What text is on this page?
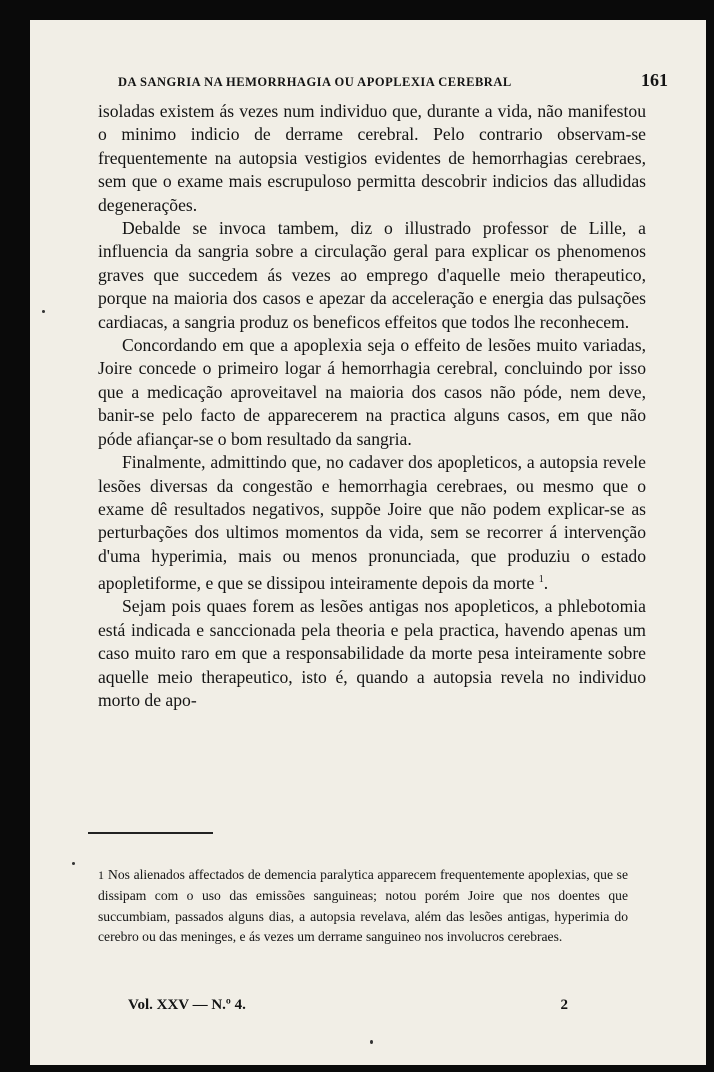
DA SANGRIA NA HEMORRHAGIA OU APOPLEXIA CEREBRAL	161

isoladas existem ás vezes num individuo que, durante a vida, não manifestou o minimo indicio de derrame cerebral. Pelo contrario observam-se frequentemente na autopsia vestigios evidentes de hemorrhagias cerebraes, sem que o exame mais escrupuloso permitta descobrir indicios das alludidas degenerações.

Debalde se invoca tambem, diz o illustrado professor de Lille, a influencia da sangria sobre a circulação geral para explicar os phenomenos graves que succedem ás vezes ao emprego d'aquelle meio therapeutico, porque na maioria dos casos e apezar da acceleração e energia das pulsações cardiacas, a sangria produz os beneficos effeitos que todos lhe reconhecem.

Concordando em que a apoplexia seja o effeito de lesões muito variadas, Joire concede o primeiro logar á hemorrhagia cerebral, concluindo por isso que a medicação aproveitavel na maioria dos casos não póde, nem deve, banir-se pelo facto de apparecerem na practica alguns casos, em que não póde afiançar-se o bom resultado da sangria.

Finalmente, admittindo que, no cadaver dos apopleticos, a autopsia revele lesões diversas da congestão e hemorrhagia cerebraes, ou mesmo que o exame dê resultados negativos, suppõe Joire que não podem explicar-se as perturbações dos ultimos momentos da vida, sem se recorrer á intervenção d'uma hyperimia, mais ou menos pronunciada, que produziu o estado apopletiforme, e que se dissipou inteiramente depois da morte $^1$.

Sejam pois quaes forem as lesões antigas nos apopleticos, a phlebotomia está indicada e sanccionada pela theoria e pela practica, havendo apenas um caso muito raro em que a responsabilidade da morte pesa inteiramente sobre aquelle meio therapeutico, isto é, quando a autopsia revela no individuo morto de apo-

1 Nos alienados affectados de demencia paralytica apparecem frequentemente apoplexias, que se dissipam com o uso das emissões sanguineas; notou porém Joire que nos doentes que succumbiam, passados alguns dias, a autopsia revelava, além das lesões antigas, hyperimia do cerebro ou das meninges, e ás vezes um derrame sanguineo nos involucros cerebraes.
Vol. XXV — N.º 4.	2
